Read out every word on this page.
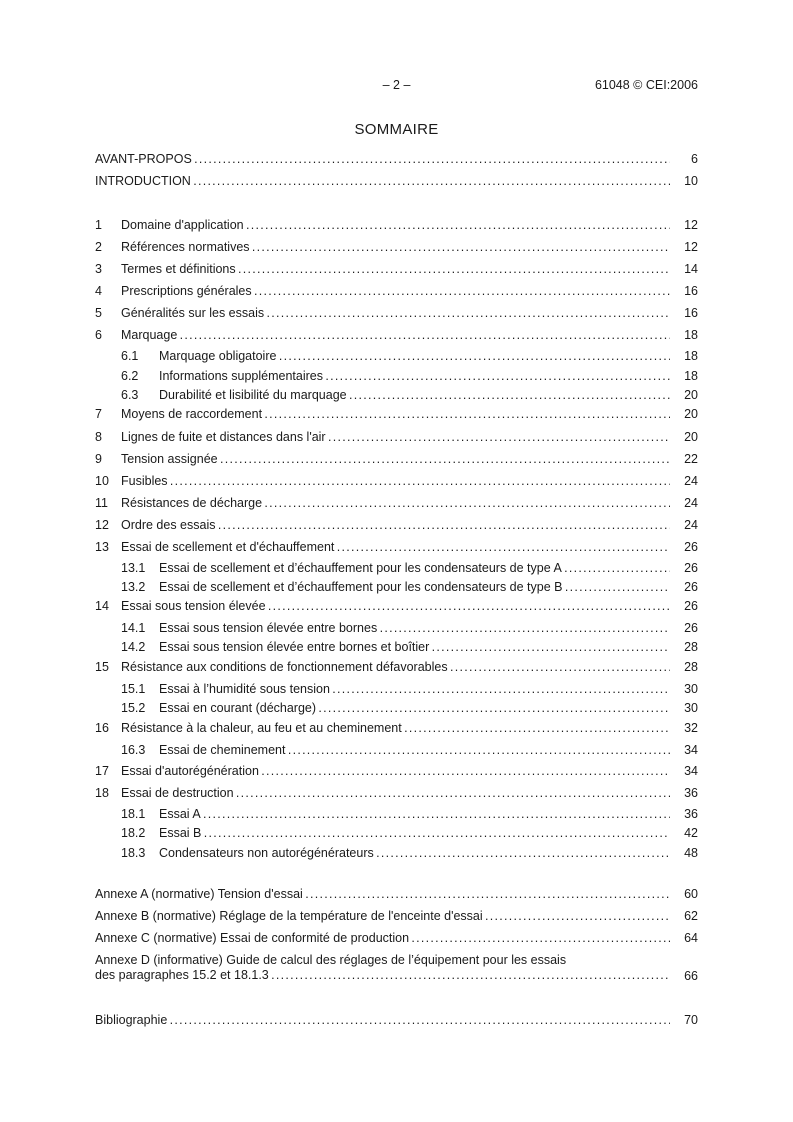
– 2 –	61048 © CEI:2006
SOMMAIRE
AVANT-PROPOS . . .	6
INTRODUCTION . . .	10
1 Domaine d'application . . .	12
2 Références normatives . . .	12
3 Termes et définitions . . .	14
4 Prescriptions générales . . .	16
5 Généralités sur les essais . . .	16
6 Marquage . . .	18
6.1 Marquage obligatoire . . .	18
6.2 Informations supplémentaires . . .	18
6.3 Durabilité et lisibilité du marquage . . .	20
7 Moyens de raccordement . . .	20
8 Lignes de fuite et distances dans l'air . . .	20
9 Tension assignée . . .	22
10 Fusibles . . .	24
11 Résistances de décharge . . .	24
12 Ordre des essais . . .	24
13 Essai de scellement et d'échauffement . . .	26
13.1 Essai de scellement et d’échauffement pour les condensateurs de type A . . .	26
13.2 Essai de scellement et d’échauffement pour les condensateurs de type B . . .	26
14 Essai sous tension élevée . . .	26
14.1 Essai sous tension élevée entre bornes . . .	26
14.2 Essai sous tension élevée entre bornes et boîtier . . .	28
15 Résistance aux conditions de fonctionnement défavorables . . .	28
15.1 Essai à l’humidité sous tension . . .	30
15.2 Essai en courant (décharge) . . .	30
16 Résistance à la chaleur, au feu et au cheminement . . .	32
16.3 Essai de cheminement . . .	34
17 Essai d'autorégénération . . .	34
18 Essai de destruction . . .	36
18.1 Essai A . . .	36
18.2 Essai B . . .	42
18.3 Condensateurs non autorégénérateurs . . .	48
Annexe A (normative) Tension d'essai . . .	60
Annexe B (normative) Réglage de la température de l'enceinte d'essai . . .	62
Annexe C (normative) Essai de conformité de production . . .	64
Annexe D (informative) Guide de calcul des réglages de l’équipement pour les essais
des paragraphes 15.2 et 18.1.3 . . .	66
Bibliographie . . .	70
